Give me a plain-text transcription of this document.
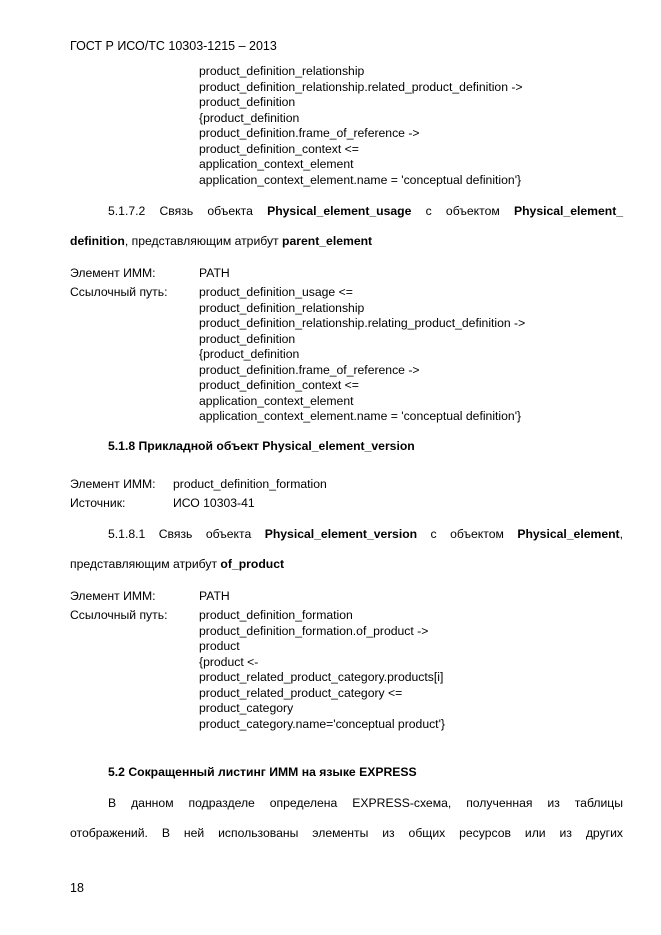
ГОСТ Р ИСО/ТС 10303-1215 – 2013
product_definition_relationship
product_definition_relationship.related_product_definition ->
product_definition
{product_definition
product_definition.frame_of_reference ->
product_definition_context <=
application_context_element
application_context_element.name = 'conceptual definition'}
5.1.7.2 Связь объекта Physical_element_usage с объектом Physical_element_
definition, представляющим атрибут parent_element
Элемент ИММ:	PATH
Ссылочный путь:	product_definition_usage <=
product_definition_relationship
product_definition_relationship.relating_product_definition ->
product_definition
{product_definition
product_definition.frame_of_reference ->
product_definition_context <=
application_context_element
application_context_element.name = 'conceptual definition'}
5.1.8 Прикладной объект Physical_element_version
Элемент ИММ: product_definition_formation
Источник:	ИСО 10303-41
5.1.8.1 Связь объекта Physical_element_version с объектом Physical_element,
представляющим атрибут of_product
Элемент ИММ:	PATH
Ссылочный путь:	product_definition_formation
product_definition_formation.of_product ->
product
{product <-
product_related_product_category.products[i]
product_related_product_category <=
product_category
product_category.name='conceptual product'}
5.2 Сокращенный листинг ИММ на языке EXPRESS
В данном подразделе определена EXPRESS-схема, полученная из таблицы
отображений. В ней использованы элементы из общих ресурсов или из других
18
